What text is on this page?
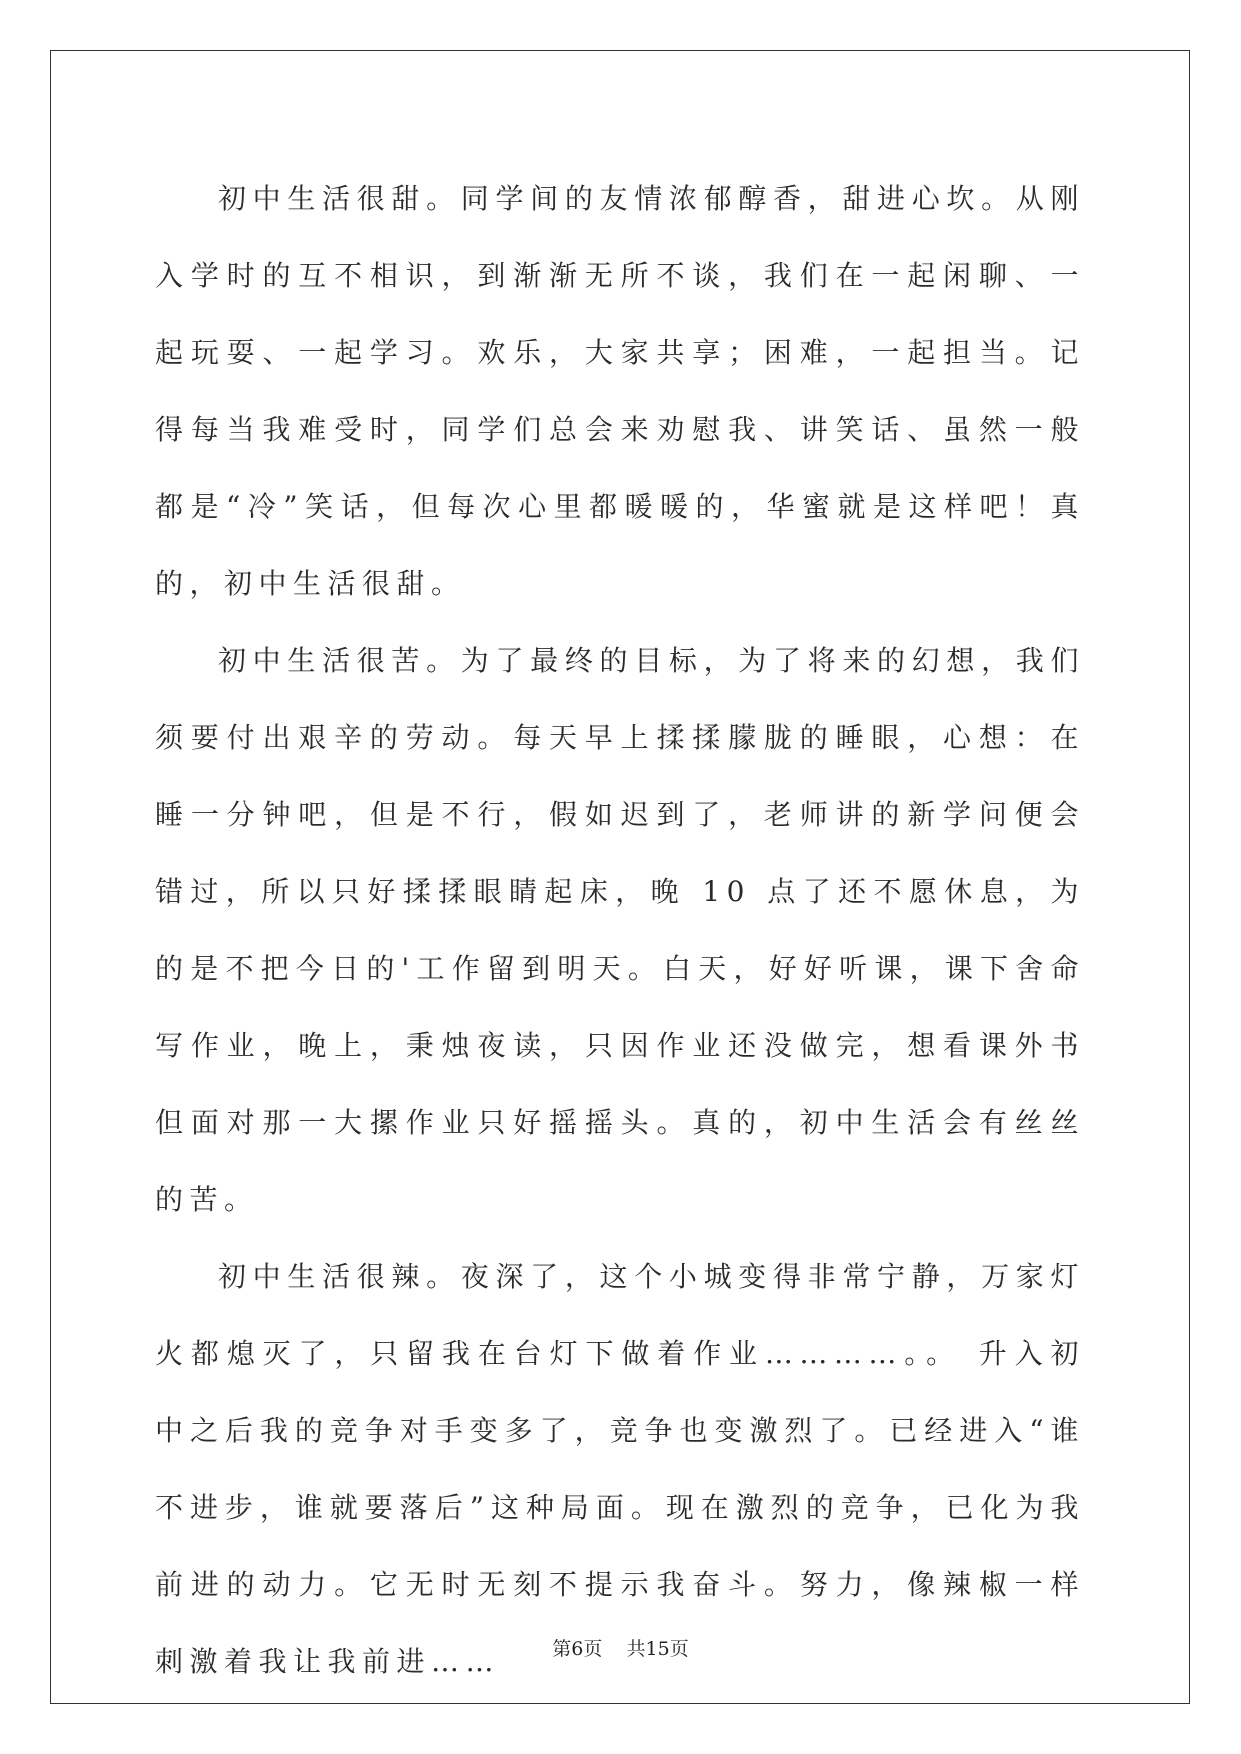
初中生活很甜。同学间的友情浓郁醇香，甜进心坎。从刚入学时的互不相识，到渐渐无所不谈，我们在一起闲聊、一起玩耍、一起学习。欢乐，大家共享；困难，一起担当。记得每当我难受时，同学们总会来劝慰我、讲笑话、虽然一般都是“冷”笑话，但每次心里都暖暖的，华蜜就是这样吧！真的，初中生活很甜。

初中生活很苦。为了最终的目标，为了将来的幻想，我们须要付出艰辛的劳动。每天早上揉揉朦胧的睡眼，心想：在睡一分钟吧，但是不行，假如迟到了，老师讲的新学问便会错过，所以只好揉揉眼睛起床，晚 10 点了还不愿休息，为的是不把今日的'工作留到明天。白天，好好听课，课下舍命写作业，晚上，秉烛夜读，只因作业还没做完，想看课外书但面对那一大摞作业只好摇摇头。真的，初中生活会有丝丝的苦。

初中生活很辣。夜深了，这个小城变得非常宁静，万家灯火都熄灭了，只留我在台灯下做着作业…………。。 升入初中之后我的竞争对手变多了，竞争也变激烈了。已经进入“谁不进步，谁就要落后”这种局面。现在激烈的竞争，已化为我前进的动力。它无时无刻不提示我奋斗。努力，像辣椒一样刺激着我让我前进……	第6页 共15页
